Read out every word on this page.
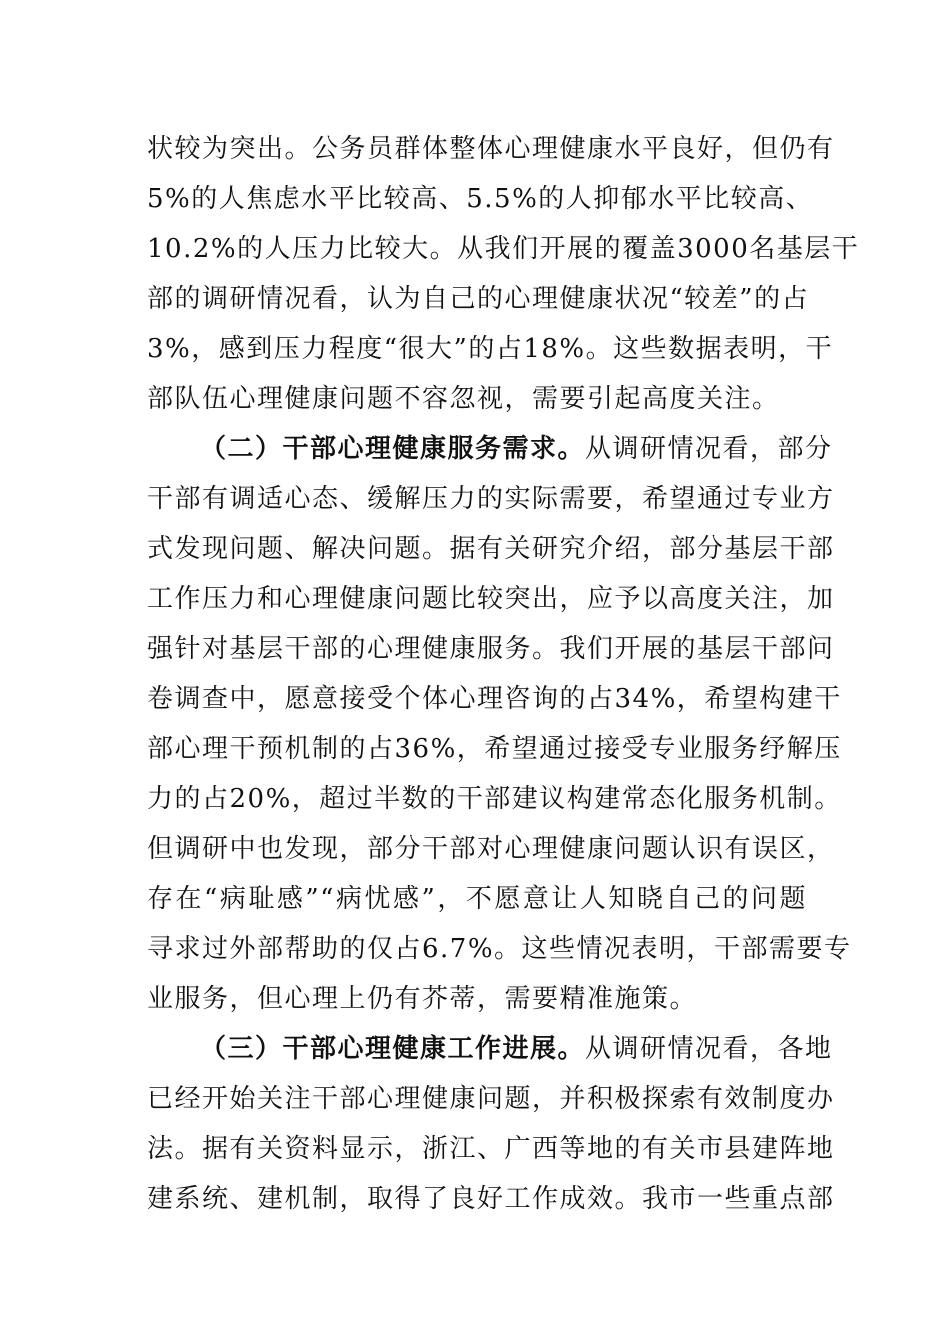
状较为突出。公务员群体整体心理健康水平良好，但仍有
5%的人焦虑水平比较高、5.5%的人抑郁水平比较高、
10.2%的人压力比较大。从我们开展的覆盖3000名基层干
部的调研情况看，认为自己的心理健康状况“较差”的占
3%，感到压力程度“很大”的占18%。这些数据表明，干
部队伍心理健康问题不容忽视，需要引起高度关注。
（二）干部心理健康服务需求。从调研情况看，部分
干部有调适心态、缓解压力的实际需要，希望通过专业方
式发现问题、解决问题。据有关研究介绍，部分基层干部
工作压力和心理健康问题比较突出，应予以高度关注，加
强针对基层干部的心理健康服务。我们开展的基层干部问
卷调查中，愿意接受个体心理咨询的占34%，希望构建干
部心理干预机制的占36%，希望通过接受专业服务纾解压
力的占20%，超过半数的干部建议构建常态化服务机制。
但调研中也发现，部分干部对心理健康问题认识有误区，
存在“病耻感”“病忧感”，不愿意让人知晓自己的问题
寻求过外部帮助的仅占6.7%。这些情况表明，干部需要专
业服务，但心理上仍有芥蒂，需要精准施策。
（三）干部心理健康工作进展。从调研情况看，各地
已经开始关注干部心理健康问题，并积极探索有效制度办
法。据有关资料显示，浙江、广西等地的有关市县建阵地
建系统、建机制，取得了良好工作成效。我市一些重点部
